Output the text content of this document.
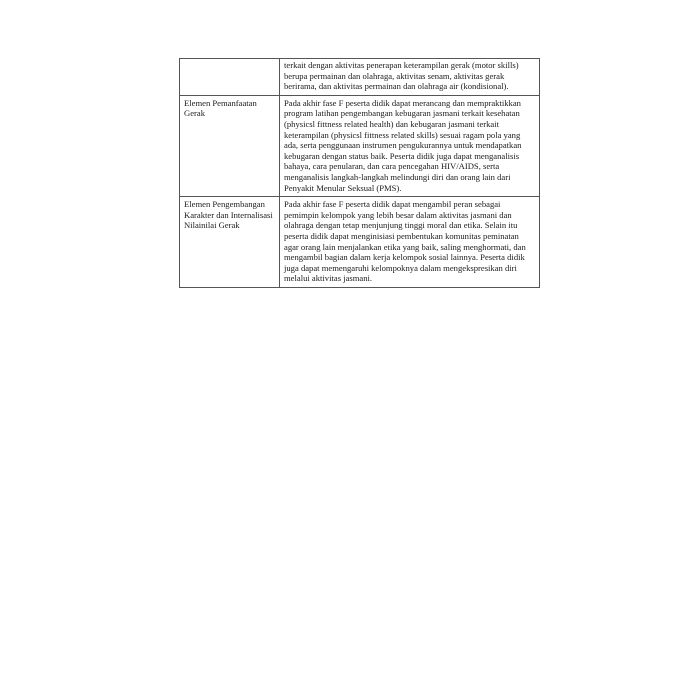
	terkait dengan aktivitas penerapan keterampilan gerak (motor skills) berupa permainan dan olahraga, aktivitas senam, aktivitas gerak berirama, dan aktivitas permainan dan olahraga air (kondisional).

Elemen Pemanfaatan Gerak	Pada akhir fase F peserta didik dapat merancang dan mempraktikkan program latihan pengembangan kebugaran jasmani terkait kesehatan (physicsl fittness related health) dan kebugaran jasmani terkait keterampilan (physicsl fittness related skills) sesuai ragam pola yang ada, serta penggunaan instrumen pengukurannya untuk mendapatkan kebugaran dengan status baik. Peserta didik juga dapat menganalisis bahaya, cara penularan, dan cara pencegahan HIV/AIDS, serta menganalisis langkah-langkah melindungi diri dan orang lain dari Penyakit Menular Seksual (PMS).

Elemen Pengembangan Karakter dan Internalisasi Nilainilai Gerak	Pada akhir fase F peserta didik dapat mengambil peran sebagai pemimpin kelompok yang lebih besar dalam aktivitas jasmani dan olahraga dengan tetap menjunjung tinggi moral dan etika. Selain itu peserta didik dapat menginisiasi pembentukan komunitas peminatan agar orang lain menjalankan etika yang baik, saling menghormati, dan mengambil bagian dalam kerja kelompok sosial lainnya. Peserta didik juga dapat memengaruhi kelompoknya dalam mengekspresikan diri melalui aktivitas jasmani.
